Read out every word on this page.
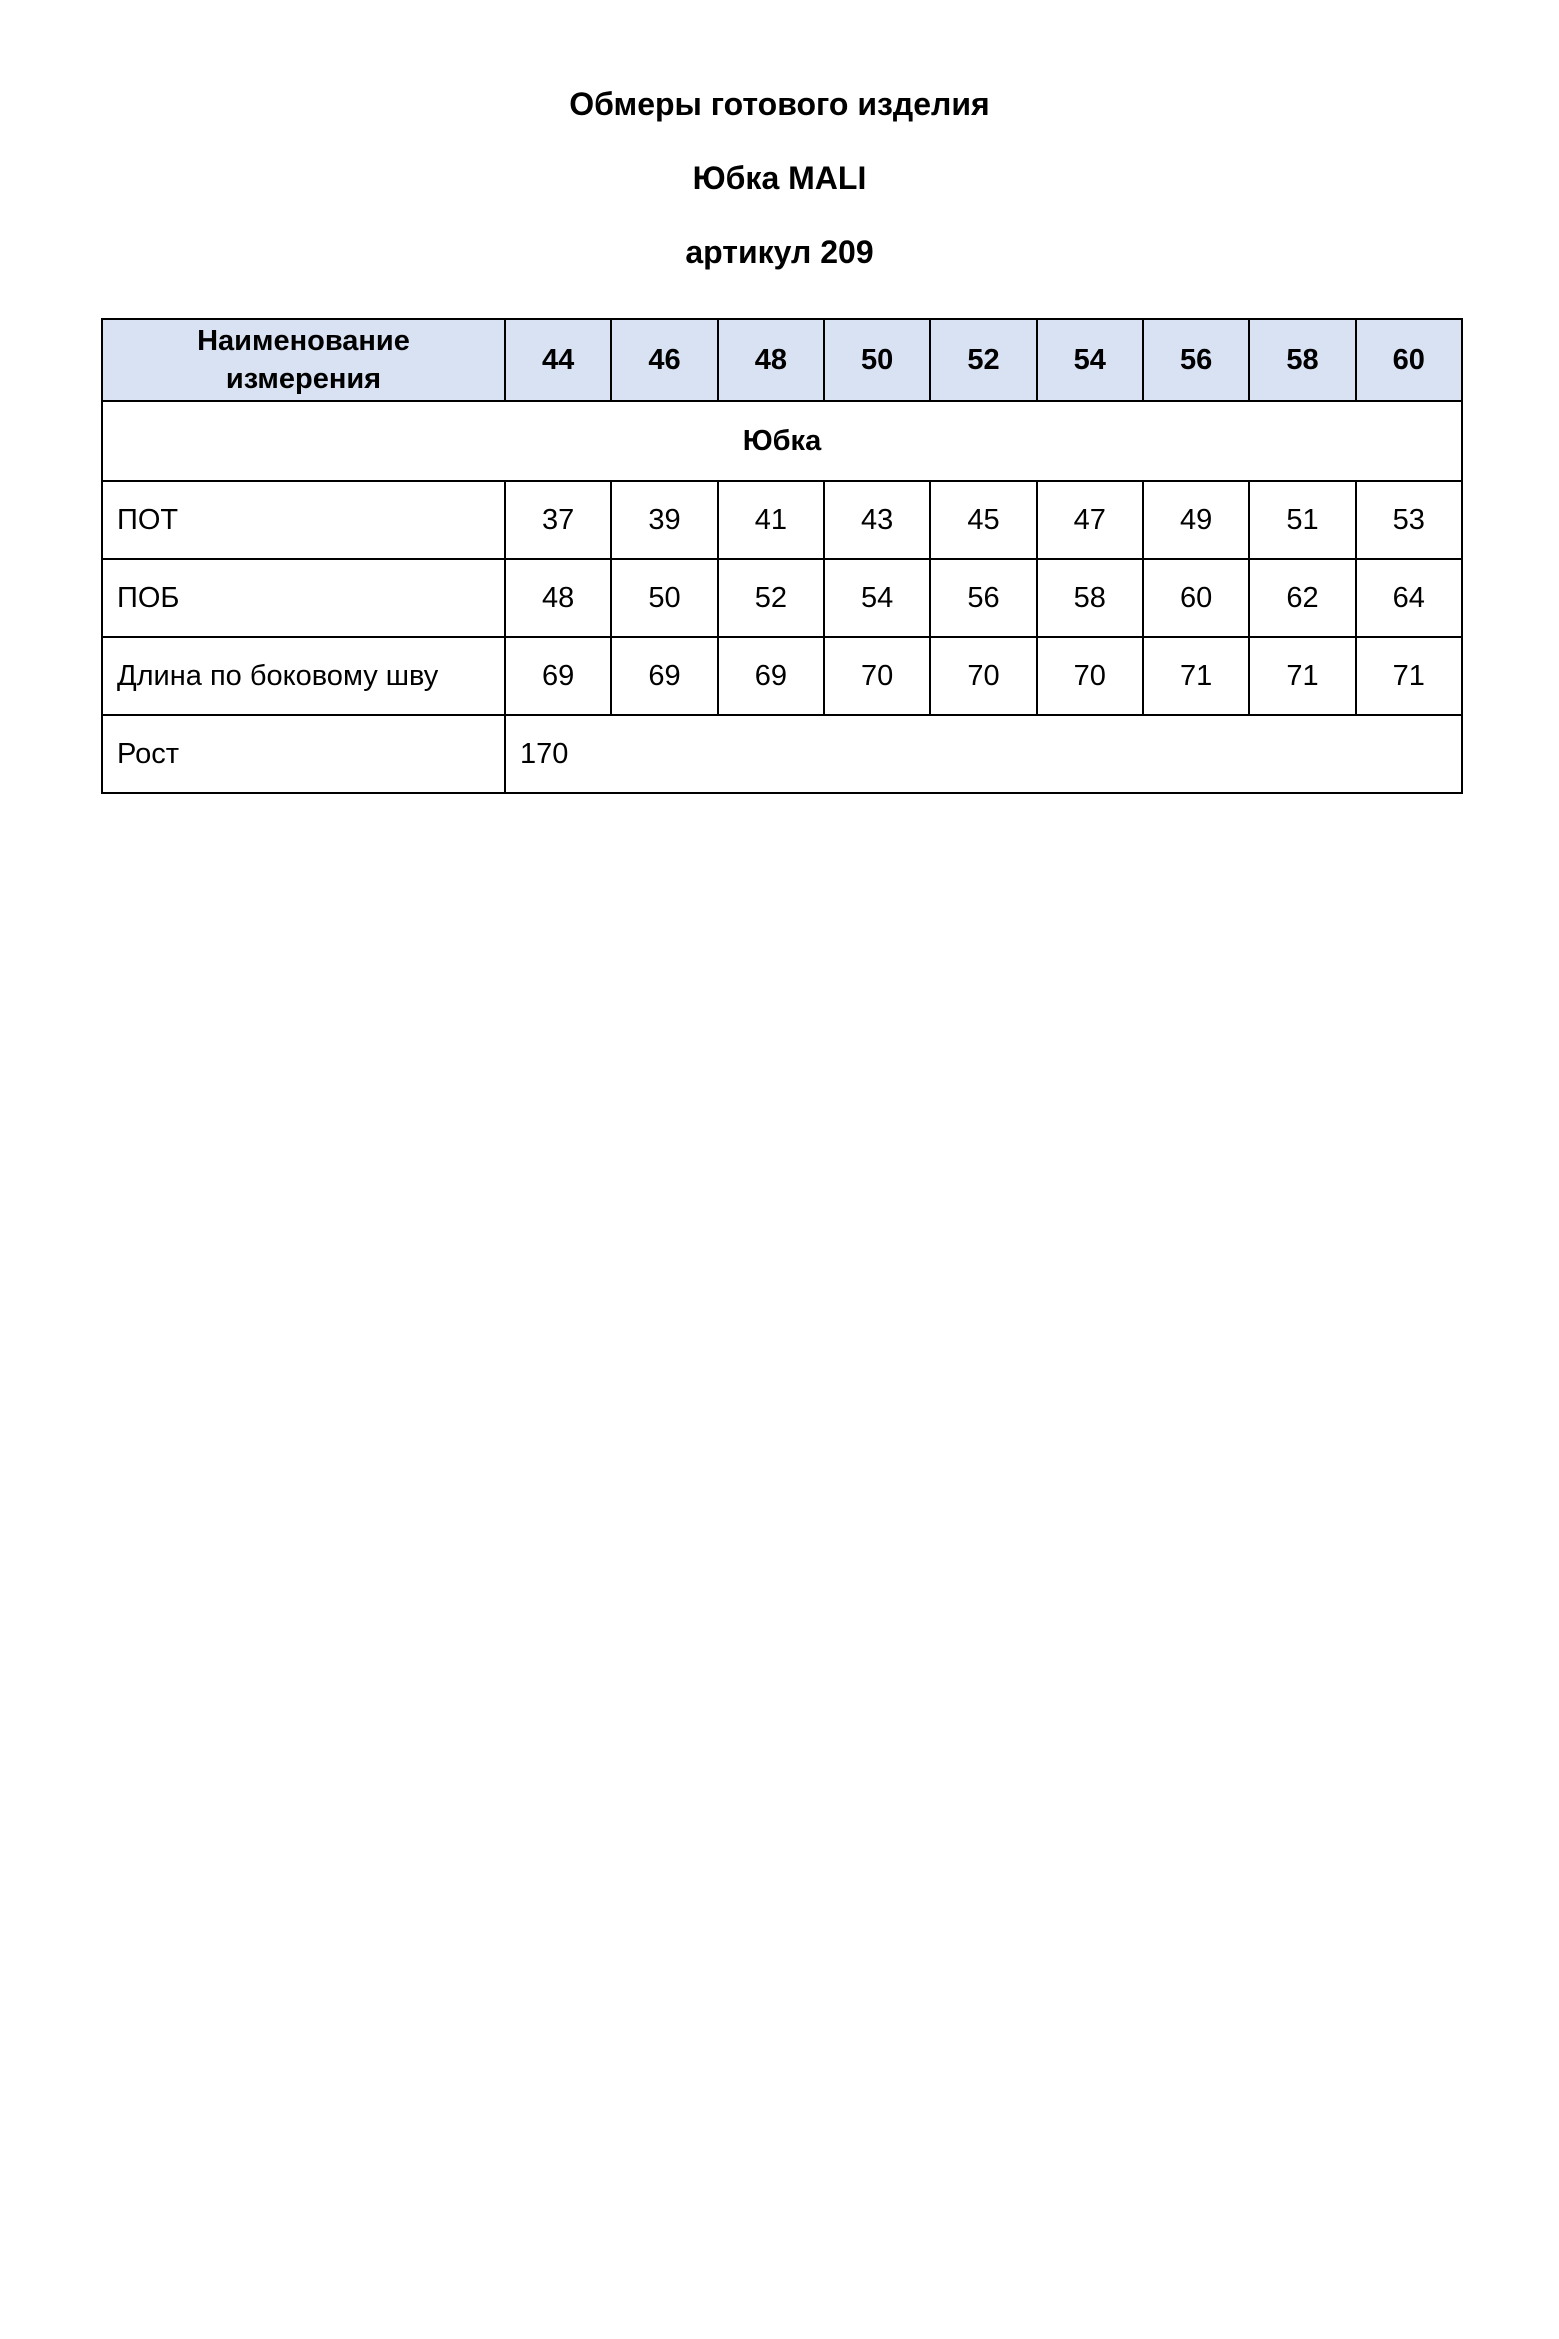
Обмеры готового изделия
Юбка MALI
артикул 209
Наименование
измерения	44	46	48	50	52	54	56	58	60
Юбка									
ПОТ	37	39	41	43	45	47	49	51	53
ПОБ	48	50	52	54	56	58	60	62	64
Длина по боковому шву	69	69	69	70	70	70	71	71	71
Рост	170								
